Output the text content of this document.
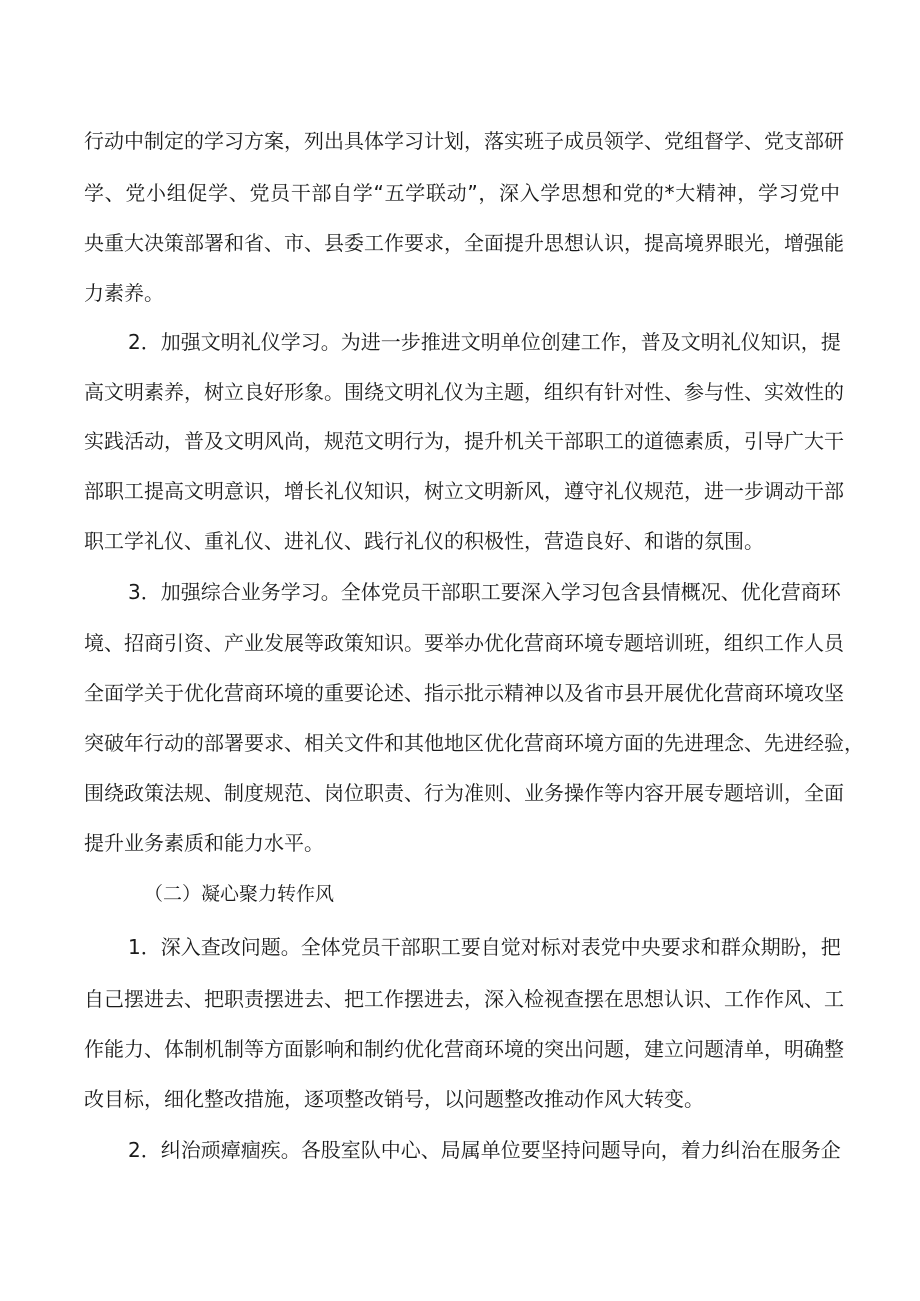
行动中制定的学习方案，列出具体学习计划，落实班子成员领学、党组督学、党支部研
学、党小组促学、党员干部自学“五学联动”，深入学思想和党的*大精神，学习党中
央重大决策部署和省、市、县委工作要求，全面提升思想认识，提高境界眼光，增强能
力素养。
2．加强文明礼仪学习。为进一步推进文明单位创建工作，普及文明礼仪知识，提
高文明素养，树立良好形象。围绕文明礼仪为主题，组织有针对性、参与性、实效性的
实践活动，普及文明风尚，规范文明行为，提升机关干部职工的道德素质，引导广大干
部职工提高文明意识，增长礼仪知识，树立文明新风，遵守礼仪规范，进一步调动干部
职工学礼仪、重礼仪、进礼仪、践行礼仪的积极性，营造良好、和谐的氛围。
3．加强综合业务学习。全体党员干部职工要深入学习包含县情概况、优化营商环
境、招商引资、产业发展等政策知识。要举办优化营商环境专题培训班，组织工作人员
全面学关于优化营商环境的重要论述、指示批示精神以及省市县开展优化营商环境攻坚
突破年行动的部署要求、相关文件和其他地区优化营商环境方面的先进理念、先进经验，
围绕政策法规、制度规范、岗位职责、行为准则、业务操作等内容开展专题培训，全面
提升业务素质和能力水平。
（二）凝心聚力转作风
1．深入查改问题。全体党员干部职工要自觉对标对表党中央要求和群众期盼，把
自己摆进去、把职责摆进去、把工作摆进去，深入检视查摆在思想认识、工作作风、工
作能力、体制机制等方面影响和制约优化营商环境的突出问题，建立问题清单，明确整
改目标，细化整改措施，逐项整改销号，以问题整改推动作风大转变。
2．纠治顽瘴痼疾。各股室队中心、局属单位要坚持问题导向，着力纠治在服务企
